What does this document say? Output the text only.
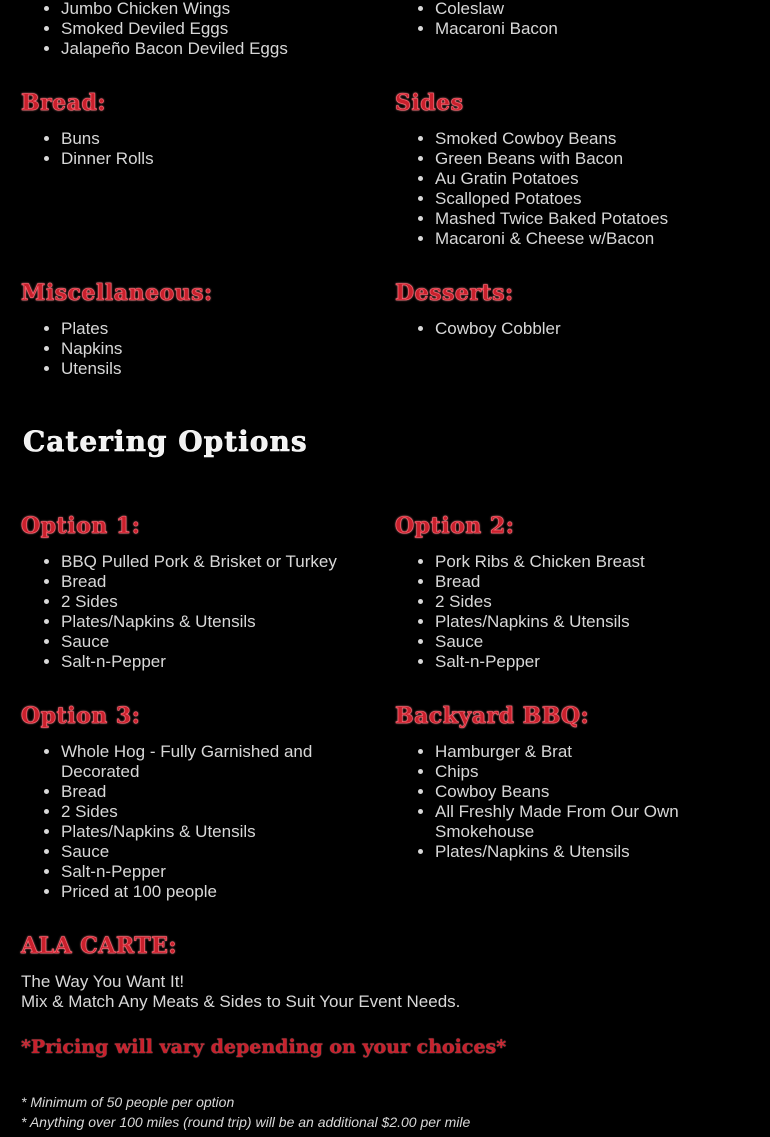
• Jumbo Chicken Wings
• Smoked Deviled Eggs
• Jalapeño Bacon Deviled Eggs
• Coleslaw
• Macaroni Bacon
Bread:
• Buns
• Dinner Rolls
Sides
• Smoked Cowboy Beans
• Green Beans with Bacon
• Au Gratin Potatoes
• Scalloped Potatoes
• Mashed Twice Baked Potatoes
• Macaroni & Cheese w/Bacon
Miscellaneous:
• Plates
• Napkins
• Utensils
Desserts:
• Cowboy Cobbler
Catering Options
Option 1:
• BBQ Pulled Pork & Brisket or Turkey
• Bread
• 2 Sides
• Plates/Napkins & Utensils
• Sauce
• Salt-n-Pepper
Option 2:
• Pork Ribs & Chicken Breast
• Bread
• 2 Sides
• Plates/Napkins & Utensils
• Sauce
• Salt-n-Pepper
Option 3:
• Whole Hog - Fully Garnished and Decorated
• Bread
• 2 Sides
• Plates/Napkins & Utensils
• Sauce
• Salt-n-Pepper
• Priced at 100 people
Backyard BBQ:
• Hamburger & Brat
• Chips
• Cowboy Beans
• All Freshly Made From Our Own Smokehouse
• Plates/Napkins & Utensils
ALA CARTE:
The Way You Want It!
Mix & Match Any Meats & Sides to Suit Your Event Needs.
*Pricing will vary depending on your choices*
* Minimum of 50 people per option
* Anything over 100 miles (round trip) will be an additional $2.00 per mile
